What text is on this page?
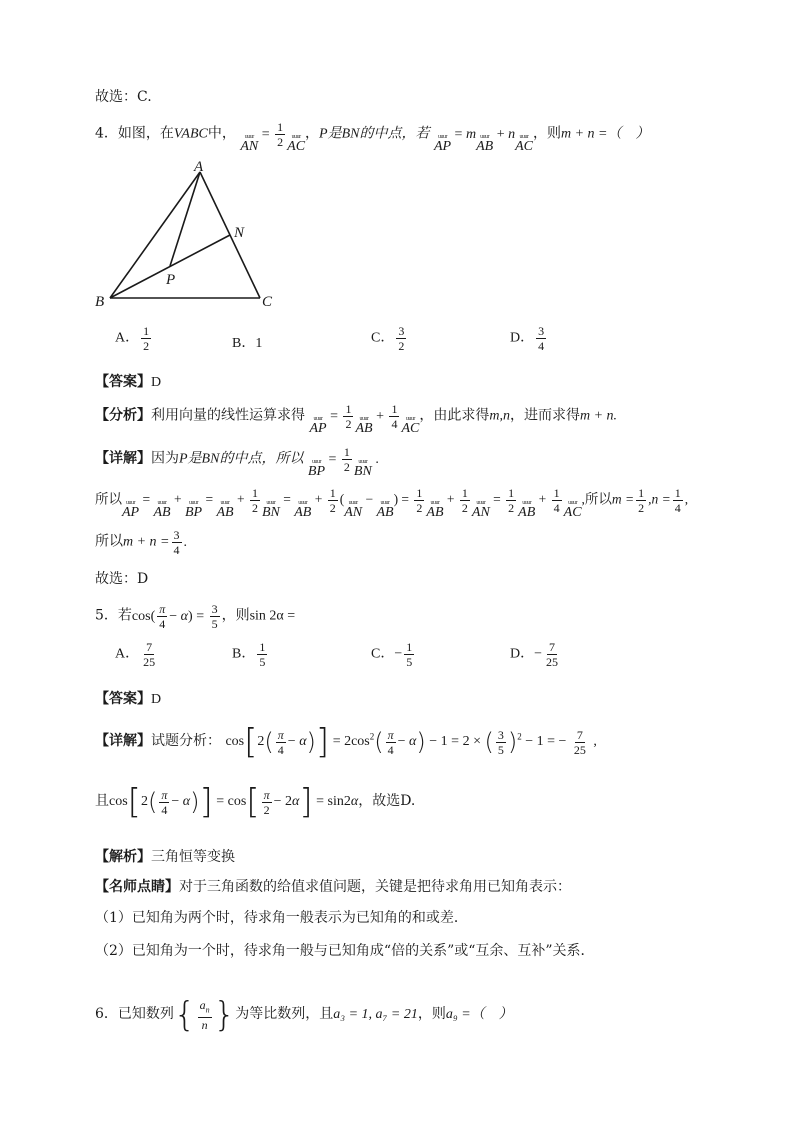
故选：C.
4．如图，在VABC中， uuur
AN
= $\frac{1}{2}$ uuur
AC
，P是BN的中点，若 uuur
AP
= m uuur
AB
+ n uuur
AC
，则m + n =（　）
A
B	C
N
P
A． $\frac{1}{2}$	B．1	C． $\frac{3}{2}$	D． $\frac{3}{4}$
【答案】D
【分析】利用向量的线性运算求得 uuur
AP
= $\frac{1}{2}$ uuur
AB
+ $\frac{1}{4}$ uuur
AC
，由此求得m,n，进而求得m + n.
【详解】因为P是BN的中点，所以 uuur
BP
= $\frac{1}{2}$ uuur
BN
.
所以 uuur
AP
= uuur
AB
+ uuur
BP
= uuur
AB
+ $\frac{1}{2}$ uuur
BN
= uuur
AB
+ $\frac{1}{2}$ ( uuur
AN
− uuur
AB
) = $\frac{1}{2}$ uuur
AB
+ $\frac{1}{2}$ uuur
AN
= $\frac{1}{2}$ uuur
AB
+ $\frac{1}{4}$ uuur
AC
,所以$m = \frac{1}{2} ,n = \frac{1}{4}$ ,
所以$m + n = \frac{3}{4}$ .
故选：D
5．若$\cos( \frac{\pi}{4} - \alpha) = \frac{3}{5}$ ，则sin 2α =
A． $\frac{7}{25}$	B． $\frac{1}{5}$	C．− $\frac{1}{5}$	D．− $\frac{7}{25}$
【答案】D
【详解】试题分析： $\cos[2( \frac{\pi}{4} - \alpha)] = 2\cos^2( \frac{\pi}{4} - \alpha) - 1 = 2$ × ( $\frac{3}{5} )^2 - 1$ = − $\frac{7}{25}$ ,
且$\cos[2( \frac{\pi}{4} - \alpha)] = \cos[ \frac{\pi}{2} - 2\alpha] = \sin 2\alpha$，故选D.
【解析】三角恒等变换
【名师点睛】对于三角函数的给值求值问题，关键是把待求角用已知角表示：
（1）已知角为两个时，待求角一般表示为已知角的和或差．
（2）已知角为一个时，待求角一般与已知角成“倍的关系”或“互余、互补”关系．
6．已知数列{ $\frac{a_n}{n}$ }为等比数列，且a₃ = 1, a₇ = 21，则a₉ =（　）
